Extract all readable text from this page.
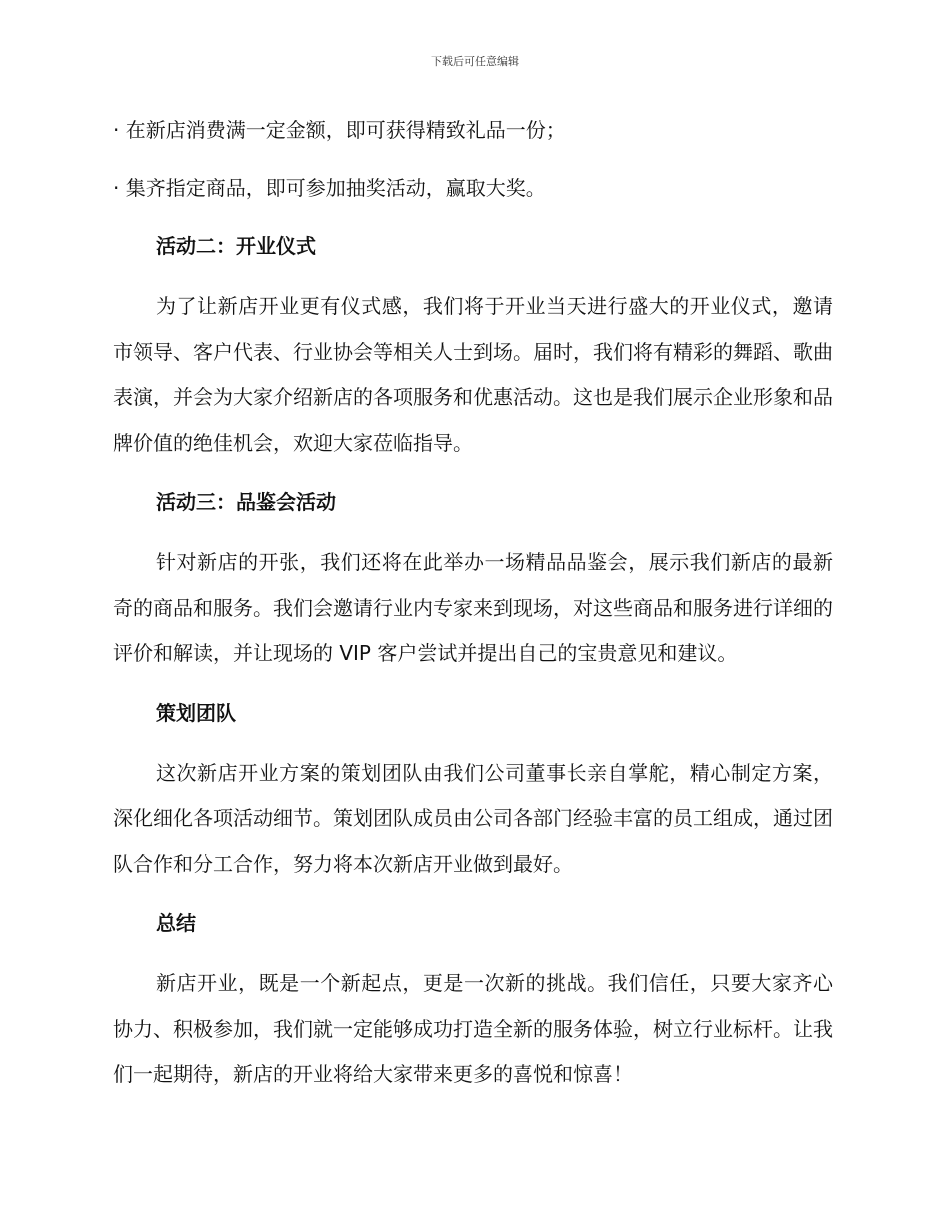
下载后可任意编辑

· 在新店消费满一定金额，即可获得精致礼品一份；

· 集齐指定商品，即可参加抽奖活动，赢取大奖。

活动二：开业仪式

为了让新店开业更有仪式感，我们将于开业当天进行盛大的开业仪式，邀请市领导、客户代表、行业协会等相关人士到场。届时，我们将有精彩的舞蹈、歌曲表演，并会为大家介绍新店的各项服务和优惠活动。这也是我们展示企业形象和品牌价值的绝佳机会，欢迎大家莅临指导。

活动三：品鉴会活动

针对新店的开张，我们还将在此举办一场精品品鉴会，展示我们新店的最新奇的商品和服务。我们会邀请行业内专家来到现场，对这些商品和服务进行详细的评价和解读，并让现场的 VIP 客户尝试并提出自己的宝贵意见和建议。

策划团队

这次新店开业方案的策划团队由我们公司董事长亲自掌舵，精心制定方案，深化细化各项活动细节。策划团队成员由公司各部门经验丰富的员工组成，通过团队合作和分工合作，努力将本次新店开业做到最好。

总结

新店开业，既是一个新起点，更是一次新的挑战。我们信任，只要大家齐心协力、积极参加，我们就一定能够成功打造全新的服务体验，树立行业标杆。让我们一起期待，新店的开业将给大家带来更多的喜悦和惊喜！
